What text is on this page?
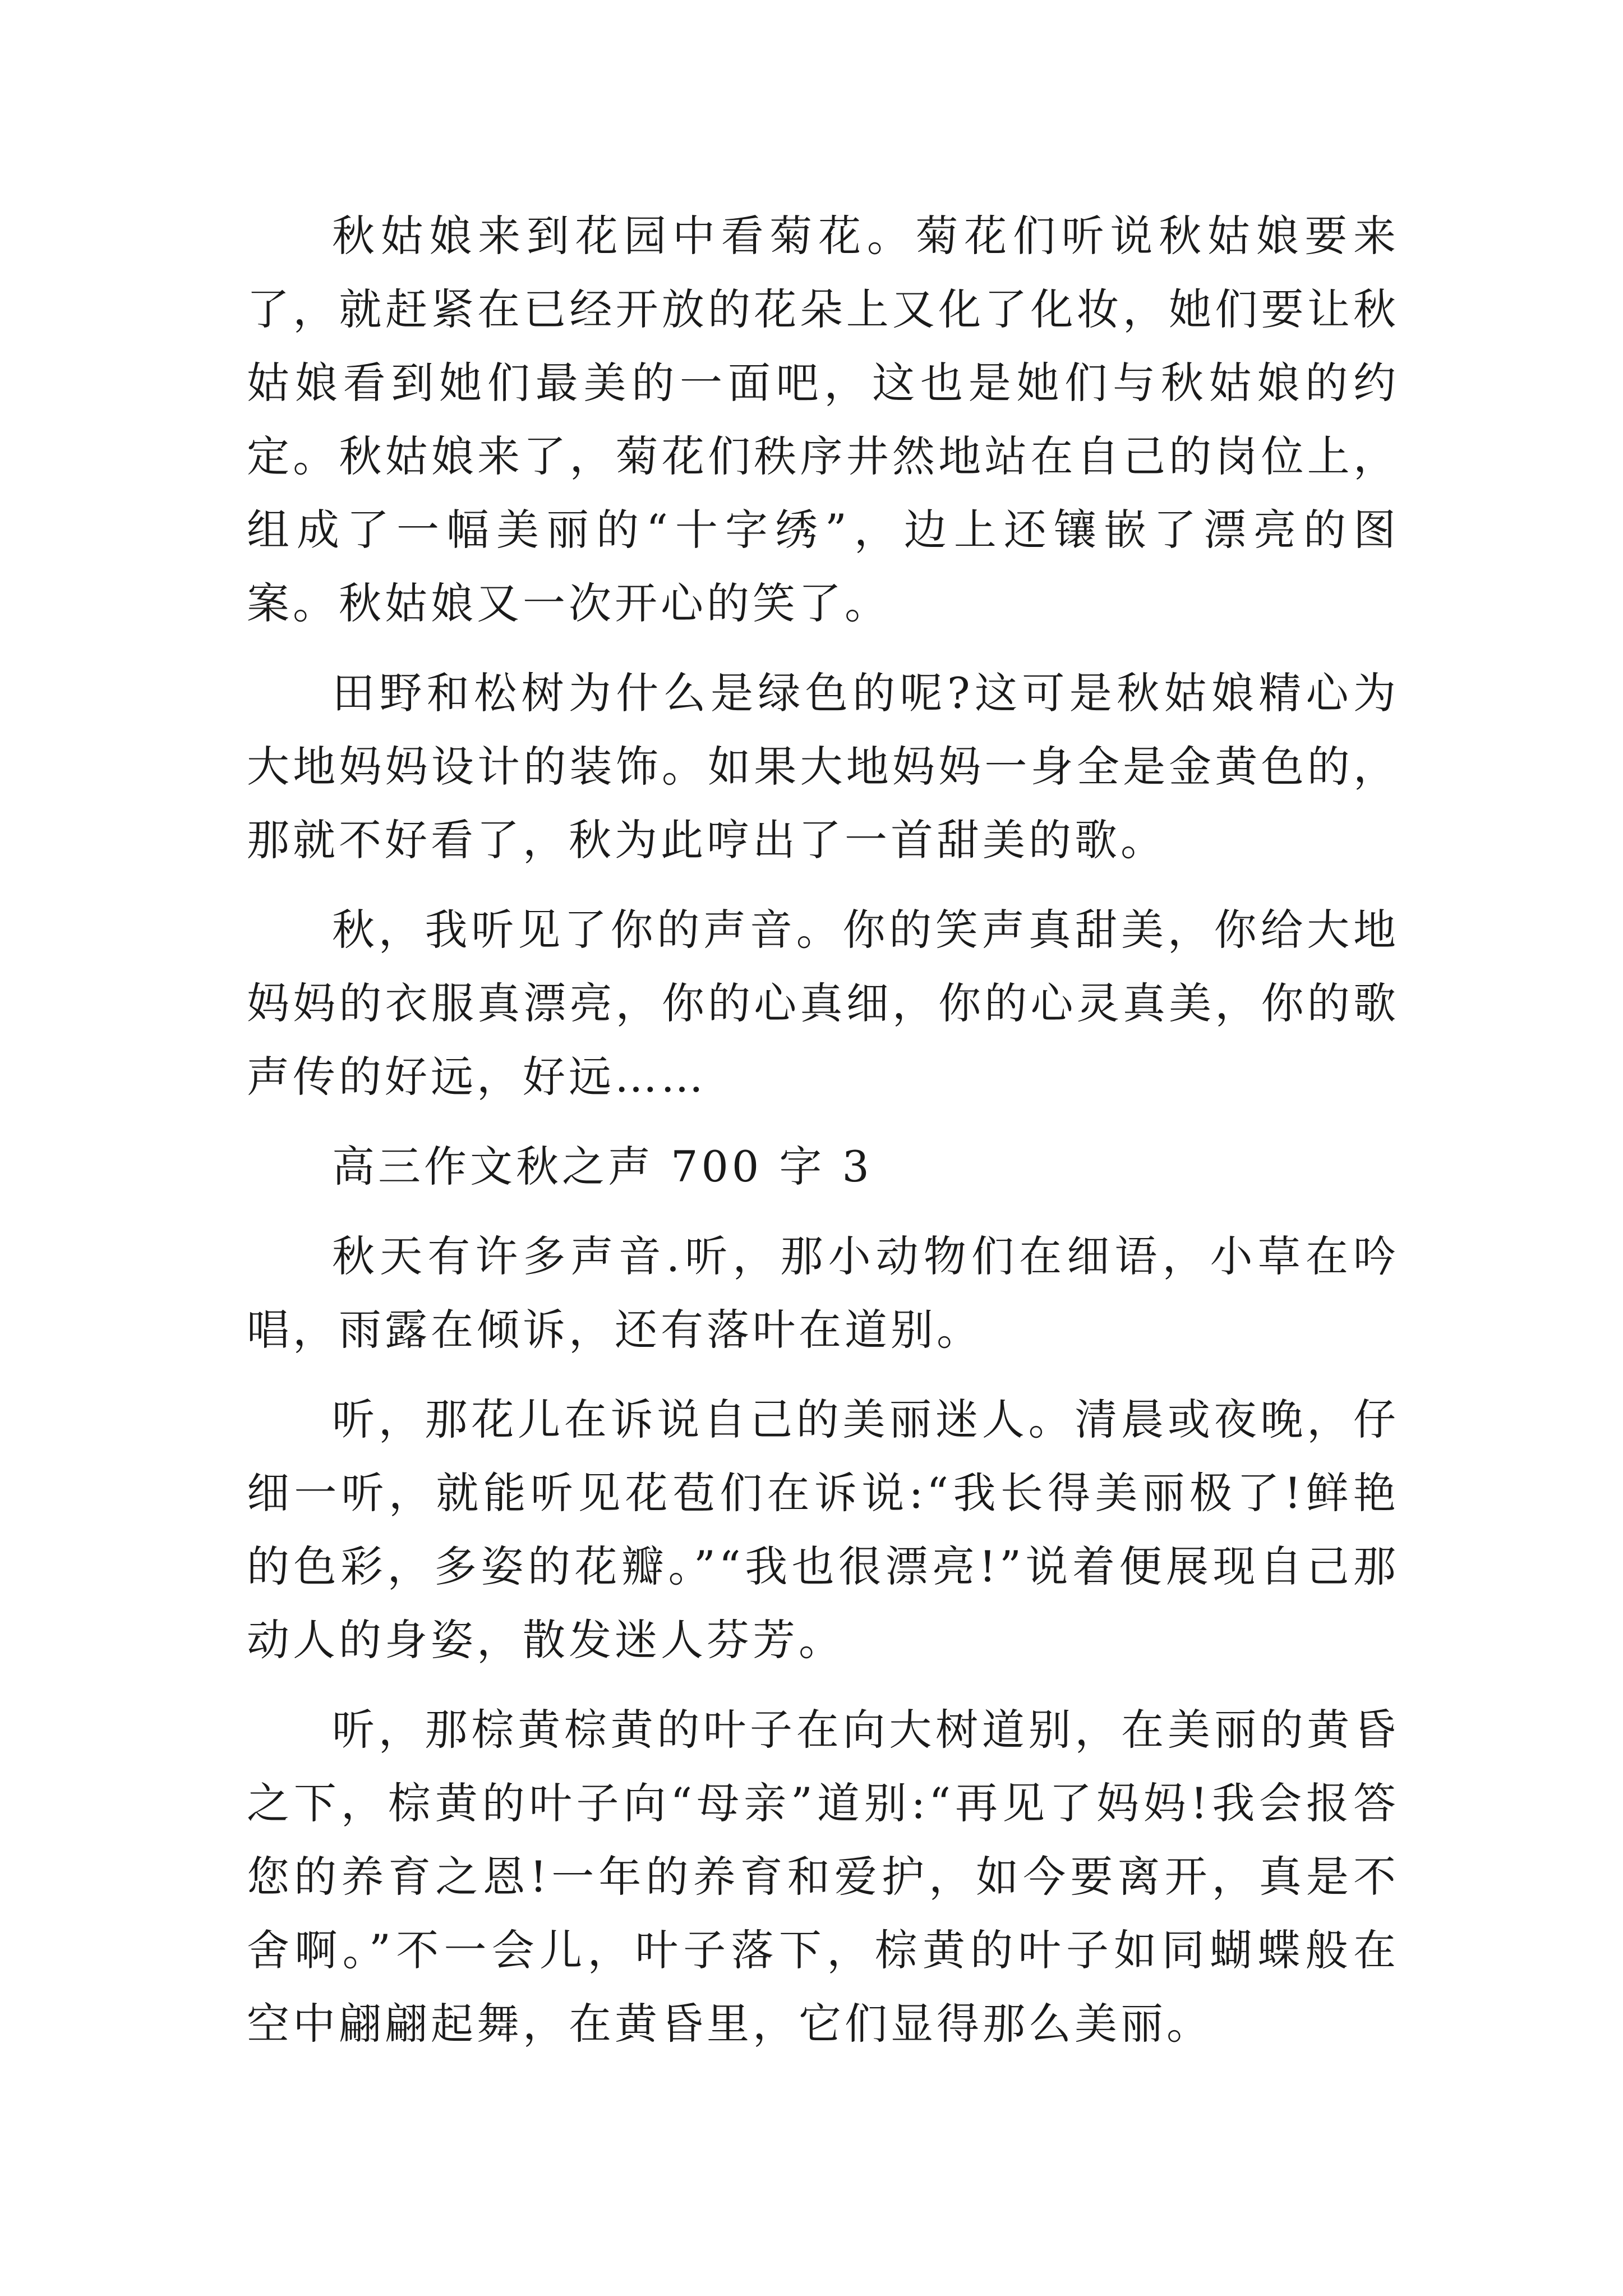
秋姑娘来到花园中看菊花。菊花们听说秋姑娘要来了，就赶紧在已经开放的花朵上又化了化妆，她们要让秋姑娘看到她们最美的一面吧，这也是她们与秋姑娘的约定。秋姑娘来了，菊花们秩序井然地站在自己的岗位上，组成了一幅美丽的“十字绣”，边上还镶嵌了漂亮的图案。秋姑娘又一次开心的笑了。

田野和松树为什么是绿色的呢?这可是秋姑娘精心为大地妈妈设计的装饰。如果大地妈妈一身全是金黄色的，那就不好看了，秋为此哼出了一首甜美的歌。

秋，我听见了你的声音。你的笑声真甜美，你给大地妈妈的衣服真漂亮，你的心真细，你的心灵真美，你的歌声传的好远，好远……

高三作文秋之声 700 字 3

秋天有许多声音.听，那小动物们在细语，小草在吟唱，雨露在倾诉，还有落叶在道别。

听，那花儿在诉说自己的美丽迷人。清晨或夜晚，仔细一听，就能听见花苞们在诉说:“我长得美丽极了!鲜艳的色彩，多姿的花瓣。”“我也很漂亮!”说着便展现自己那动人的身姿，散发迷人芬芳。

听，那棕黄棕黄的叶子在向大树道别，在美丽的黄昏之下，棕黄的叶子向“母亲”道别:“再见了妈妈!我会报答您的养育之恩!一年的养育和爱护，如今要离开，真是不舍啊。”不一会儿，叶子落下，棕黄的叶子如同蝴蝶般在空中翩翩起舞，在黄昏里，它们显得那么美丽。
